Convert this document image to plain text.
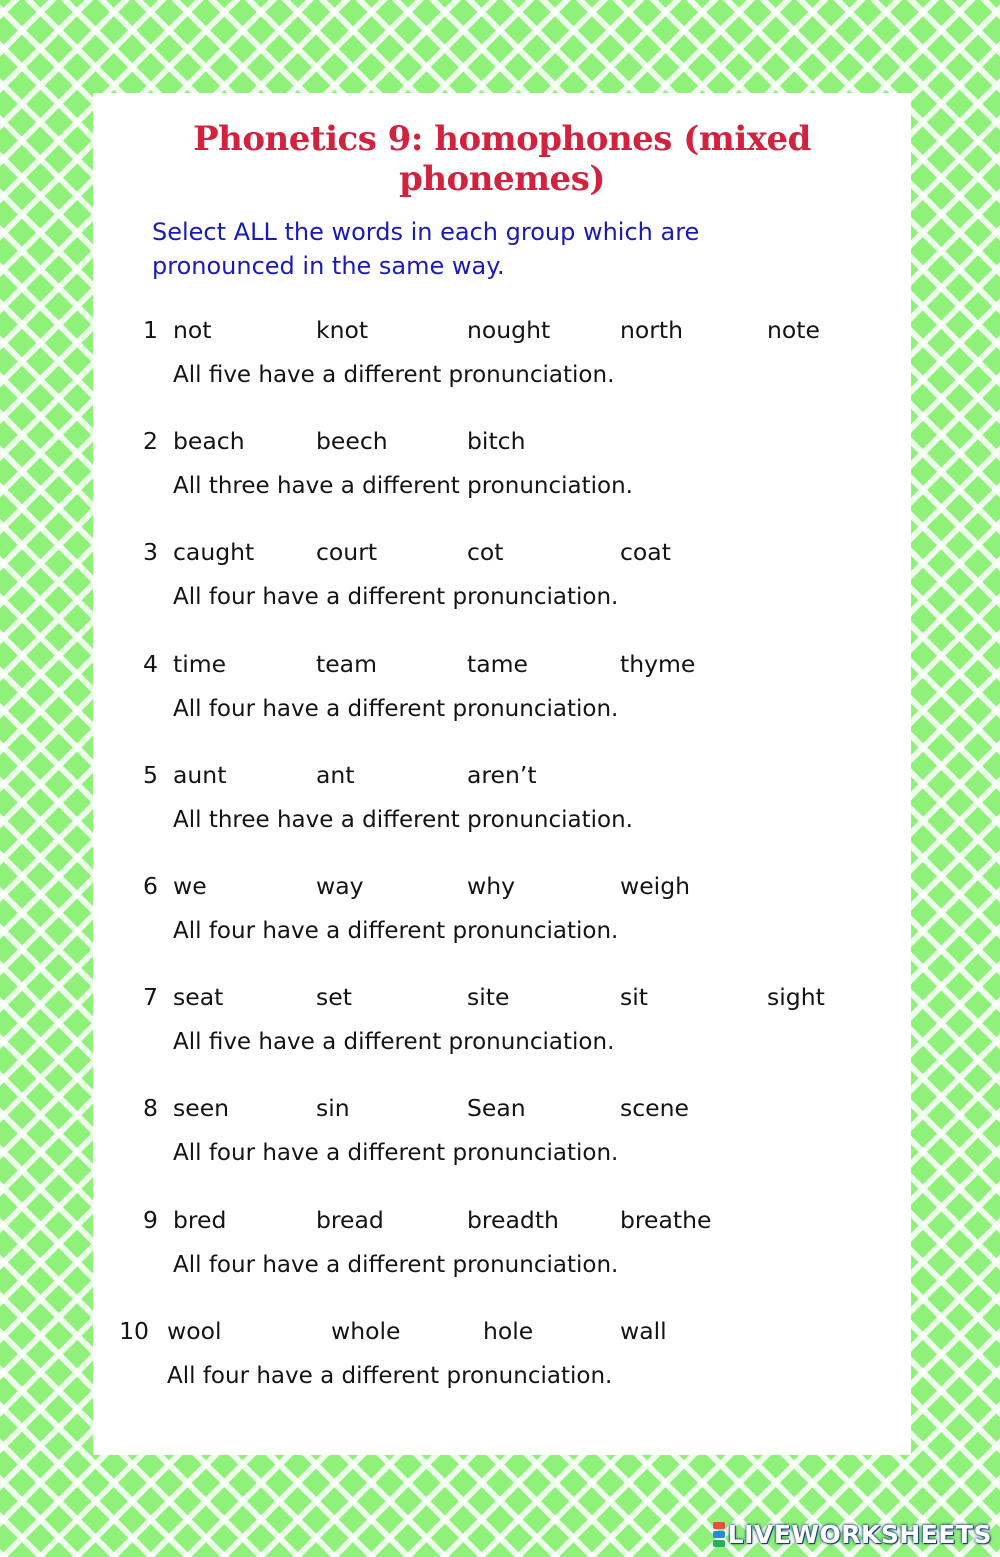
Phonetics 9: homophones (mixed phonemes)

Select ALL the words in each group which are pronounced in the same way.

1 not	knot	nought	north	note
All five have a different pronunciation.
2 beach	beech	bitch
All three have a different pronunciation.
3 caught	court	cot	coat
All four have a different pronunciation.
4 time	team	tame	thyme
All four have a different pronunciation.
5 aunt	ant	aren’t
All three have a different pronunciation.
6 we	way	why	weigh
All four have a different pronunciation.
7 seat	set	site	sit	sight
All five have a different pronunciation.
8 seen	sin	Sean	scene
All four have a different pronunciation.
9 bred	bread	breadth	breathe
All four have a different pronunciation.
10 wool	whole	hole	wall
All four have a different pronunciation.
LIVEWORKSHEETS
